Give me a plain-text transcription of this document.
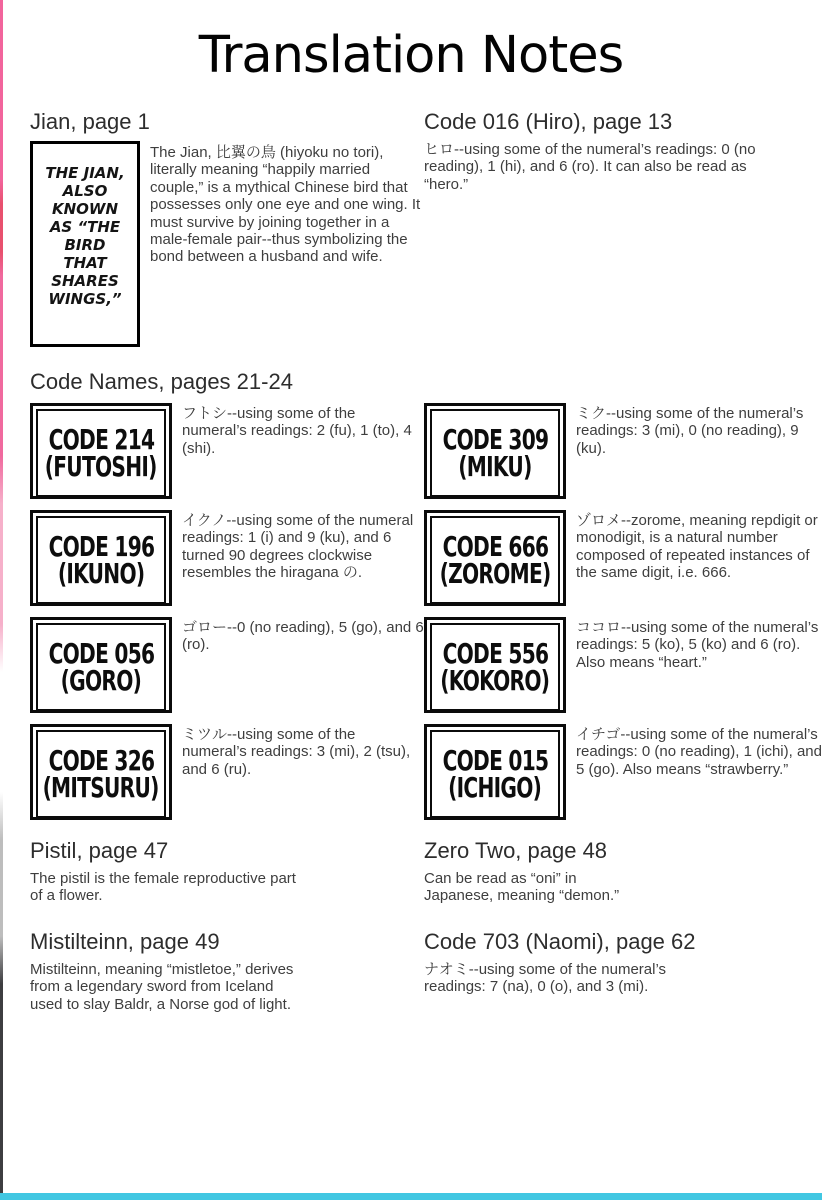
Translation Notes
Jian, page 1
THE JIAN,
ALSO
KNOWN
AS “THE
BIRD
THAT
SHARES
WINGS,”

The Jian, 比翼の鳥 (hiyoku no tori), literally meaning “happily married couple,” is a mythical Chinese bird that possesses only one eye and one wing. It must survive by joining together in a male-female pair--thus symbolizing the bond between a husband and wife.

Code 016 (Hiro), page 13

ヒロ--using some of the numeral’s readings: 0 (no reading), 1 (hi), and 6 (ro). It can also be read as “hero.”

Code Names, pages 21-24
CODE 214
(FUTOSHI)

フトシ--using some of the numeral’s readings: 2 (fu), 1 (to), 4 (shi).	CODE 309
(MIKU)

ミク--using some of the numeral’s readings: 3 (mi), 0 (no reading), 9 (ku).

CODE 196
(IKUNO)

イクノ--using some of the numeral readings: 1 (i) and 9 (ku), and 6 turned 90 degrees clockwise resembles the hiragana の.

CODE 666
(ZOROME)

ゾロメ--zorome, meaning repdigit or monodigit, is a natural number composed of repeated instances of the same digit, i.e. 666.

CODE 056
(GORO)

ゴロー--0 (no reading), 5 (go), and 6 (ro).	CODE 556
(KOKORO)

ココロ--using some of the numeral’s readings: 5 (ko), 5 (ko) and 6 (ro). Also means “heart.”

CODE 326
(MITSURU)

ミツル--using some of the numeral’s readings: 3 (mi), 2 (tsu), and 6 (ru).	CODE 015
(ICHIGO)

イチゴ--using some of the numeral’s readings: 0 (no reading), 1 (ichi), and 5 (go). Also means “strawberry.”

Pistil, page 47

The pistil is the female reproductive part of a flower.

Zero Two, page 48

Can be read as “oni” in Japanese, meaning “demon.”

Mistilteinn, page 49

Mistilteinn, meaning “mistletoe,” derives from a legendary sword from Iceland used to slay Baldr, a Norse god of light.

Code 703 (Naomi), page 62

ナオミ--using some of the numeral’s readings: 7 (na), 0 (o), and 3 (mi).
